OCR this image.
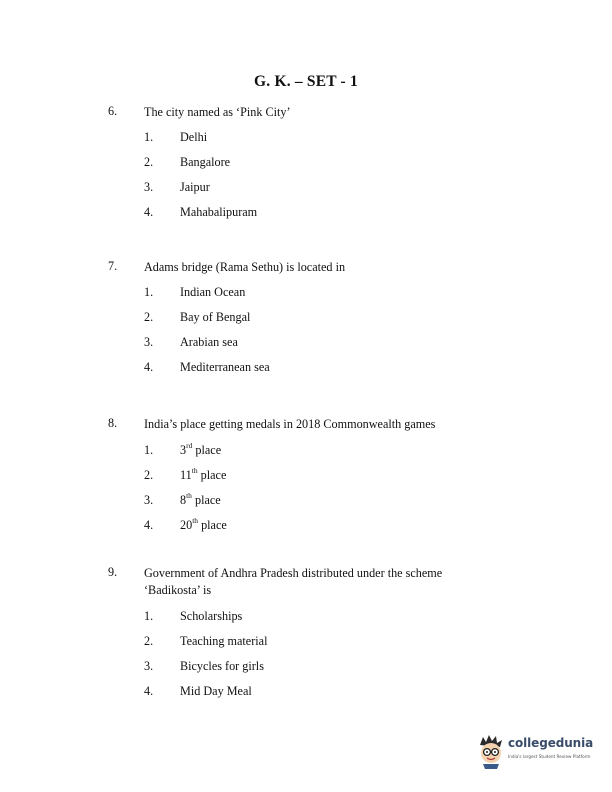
G. K. – SET - 1
6. The city named as ‘Pink City’
1. Delhi
2. Bangalore
3. Jaipur
4. Mahabalipuram
7. Adams bridge (Rama Sethu) is located in
1. Indian Ocean
2. Bay of Bengal
3. Arabian sea
4. Mediterranean sea
8. India’s place getting medals in 2018 Commonwealth games
1. 3rd place
2. 11th place
3. 8th place
4. 20th place
9. Government of Andhra Pradesh distributed under the scheme
‘Badikosta’ is
1. Scholarships
2. Teaching material
3. Bicycles for girls
4. Mid Day Meal
collegedunia
India's largest Student Review Platform
